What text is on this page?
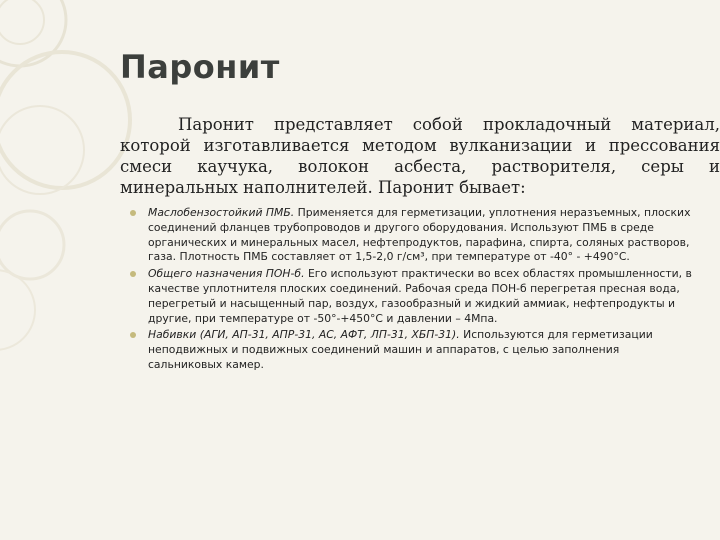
Паронит
Паронит представляет собой прокладочный материал, которой изготавливается методом вулканизации и прессования смеси каучука, волокон асбеста, растворителя, серы и минеральных наполнителей. Паронит бывает:
Маслобензостойкий ПМБ. Применяется для герметизации, уплотнения неразъемных, плоских соединений фланцев трубопроводов и другого оборудования. Используют ПМБ в среде органических и минеральных масел, нефтепродуктов, парафина, спирта, соляных растворов, газа. Плотность ПМБ составляет от 1,5-2,0 г/см³, при температуре от -40° - +490°С.
Общего назначения ПОН-б. Его используют практически во всех областях промышленности, в качестве уплотнителя плоских соединений. Рабочая среда ПОН-б перегретая пресная вода, перегретый и насыщенный пар, воздух, газообразный и жидкий аммиак, нефтепродукты и другие, при температуре от -50°-+450°С и давлении – 4Мпа.
Набивки (АГИ, АП-31, АПР-31, АС, АФТ, ЛП-31, ХБП-31). Используются для герметизации неподвижных и подвижных соединений машин и аппаратов, с целью заполнения сальниковых камер.
